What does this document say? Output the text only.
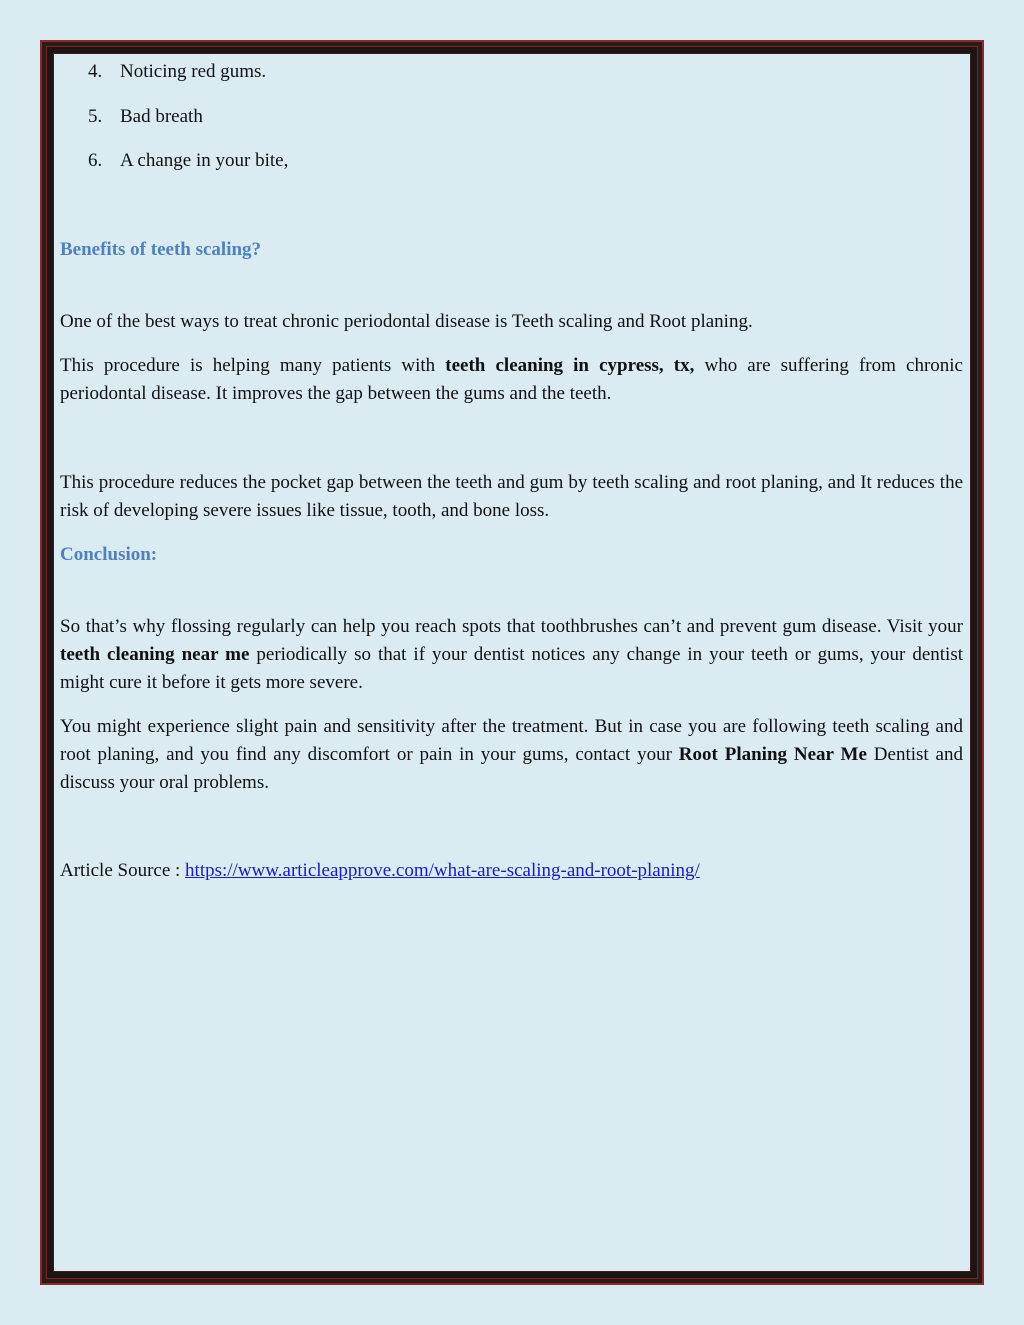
4. Noticing red gums.
5. Bad breath
6. A change in your bite,
Benefits of teeth scaling?
One of the best ways to treat chronic periodontal disease is Teeth scaling and Root planing.
This procedure is helping many patients with teeth cleaning in cypress, tx, who are suffering from chronic periodontal disease. It improves the gap between the gums and the teeth.
This procedure reduces the pocket gap between the teeth and gum by teeth scaling and root planing, and It reduces the risk of developing severe issues like tissue, tooth, and bone loss.
Conclusion:
So that’s why flossing regularly can help you reach spots that toothbrushes can’t and prevent gum disease. Visit your teeth cleaning near me periodically so that if your dentist notices any change in your teeth or gums, your dentist might cure it before it gets more severe.
You might experience slight pain and sensitivity after the treatment. But in case you are following teeth scaling and root planing, and you find any discomfort or pain in your gums, contact your Root Planing Near Me Dentist and discuss your oral problems.
Article Source : https://www.articleapprove.com/what-are-scaling-and-root-planing/
